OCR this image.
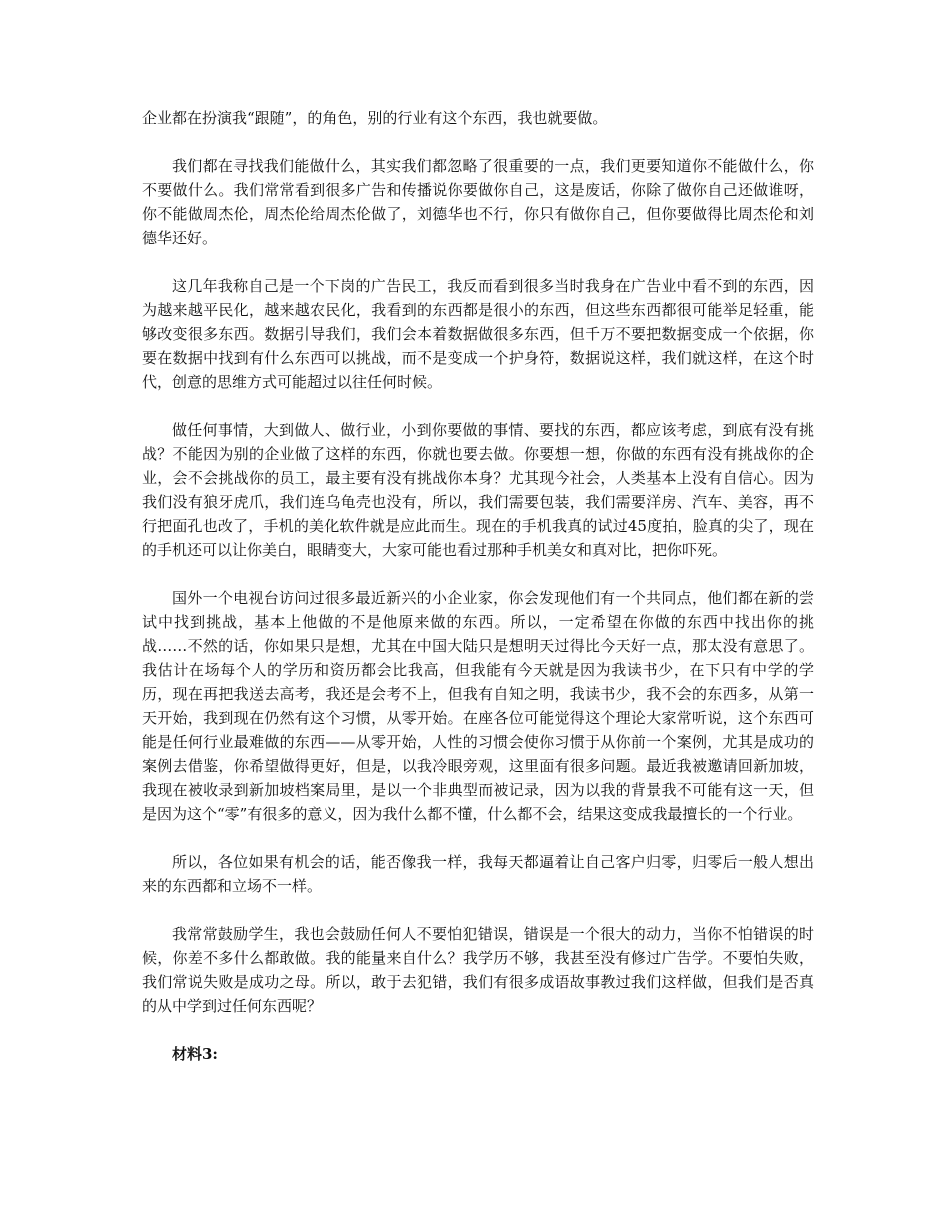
企业都在扮演我“跟随”，的角色，别的行业有这个东西，我也就要做。

我们都在寻找我们能做什么，其实我们都忽略了很重要的一点，我们更要知道你不能做什么，你不要做什么。我们常常看到很多广告和传播说你要做你自己，这是废话，你除了做你自己还做谁呀，你不能做周杰伦，周杰伦给周杰伦做了，刘德华也不行，你只有做你自己，但你要做得比周杰伦和刘德华还好。

这几年我称自己是一个下岗的广告民工，我反而看到很多当时我身在广告业中看不到的东西，因为越来越平民化，越来越农民化，我看到的东西都是很小的东西，但这些东西都很可能举足轻重，能够改变很多东西。数据引导我们，我们会本着数据做很多东西，但千万不要把数据变成一个依据，你要在数据中找到有什么东西可以挑战，而不是变成一个护身符，数据说这样，我们就这样，在这个时代，创意的思维方式可能超过以往任何时候。

做任何事情，大到做人、做行业，小到你要做的事情、要找的东西，都应该考虑，到底有没有挑战？不能因为别的企业做了这样的东西，你就也要去做。你要想一想，你做的东西有没有挑战你的企业，会不会挑战你的员工，最主要有没有挑战你本身？尤其现今社会，人类基本上没有自信心。因为我们没有狼牙虎爪，我们连乌龟壳也没有，所以，我们需要包装，我们需要洋房、汽车、美容，再不行把面孔也改了，手机的美化软件就是应此而生。现在的手机我真的试过45度拍，脸真的尖了，现在的手机还可以让你美白，眼睛变大，大家可能也看过那种手机美女和真对比，把你吓死。

国外一个电视台访问过很多最近新兴的小企业家，你会发现他们有一个共同点，他们都在新的尝试中找到挑战，基本上他做的不是他原来做的东西。所以，一定希望在你做的东西中找出你的挑战……不然的话，你如果只是想，尤其在中国大陆只是想明天过得比今天好一点，那太没有意思了。我估计在场每个人的学历和资历都会比我高，但我能有今天就是因为我读书少，在下只有中学的学历，现在再把我送去高考，我还是会考不上，但我有自知之明，我读书少，我不会的东西多，从第一天开始，我到现在仍然有这个习惯，从零开始。在座各位可能觉得这个理论大家常听说，这个东西可能是任何行业最难做的东西——从零开始，人性的习惯会使你习惯于从你前一个案例，尤其是成功的案例去借鉴，你希望做得更好，但是，以我冷眼旁观，这里面有很多问题。最近我被邀请回新加坡，我现在被收录到新加坡档案局里，是以一个非典型而被记录，因为以我的背景我不可能有这一天，但是因为这个“零”有很多的意义，因为我什么都不懂，什么都不会，结果这变成我最擅长的一个行业。

所以，各位如果有机会的话，能否像我一样，我每天都逼着让自己客户归零，归零后一般人想出来的东西都和立场不一样。

我常常鼓励学生，我也会鼓励任何人不要怕犯错误，错误是一个很大的动力，当你不怕错误的时候，你差不多什么都敢做。我的能量来自什么？我学历不够，我甚至没有修过广告学。不要怕失败，我们常说失败是成功之母。所以，敢于去犯错，我们有很多成语故事教过我们这样做，但我们是否真的从中学到过任何东西呢？

材料3:
